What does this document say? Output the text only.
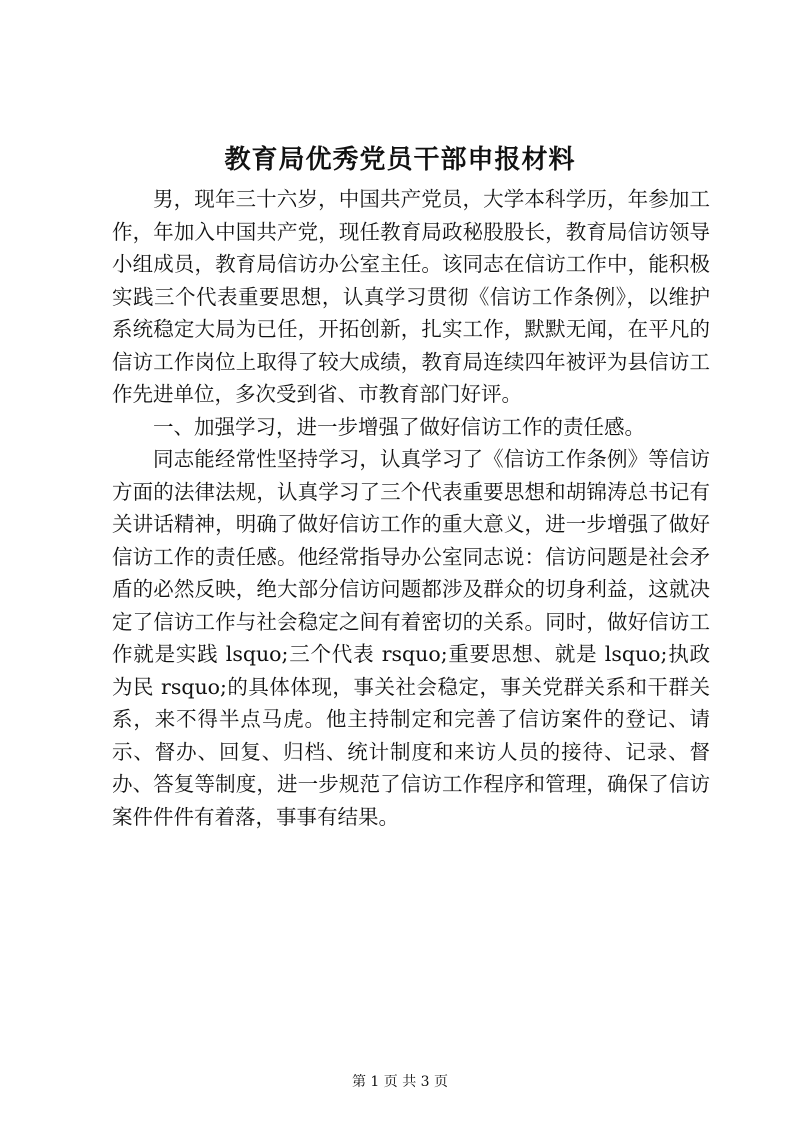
教育局优秀党员干部申报材料

男，现年三十六岁，中国共产党员，大学本科学历，年参加工作，年加入中国共产党，现任教育局政秘股股长，教育局信访领导小组成员，教育局信访办公室主任。该同志在信访工作中，能积极实践三个代表重要思想，认真学习贯彻《信访工作条例》，以维护系统稳定大局为已任，开拓创新，扎实工作，默默无闻，在平凡的信访工作岗位上取得了较大成绩，教育局连续四年被评为县信访工作先进单位，多次受到省、市教育部门好评。

一、加强学习，进一步增强了做好信访工作的责任感。

同志能经常性坚持学习，认真学习了《信访工作条例》等信访方面的法律法规，认真学习了三个代表重要思想和胡锦涛总书记有关讲话精神，明确了做好信访工作的重大意义，进一步增强了做好信访工作的责任感。他经常指导办公室同志说：信访问题是社会矛盾的必然反映，绝大部分信访问题都涉及群众的切身利益，这就决定了信访工作与社会稳定之间有着密切的关系。同时，做好信访工作就是实践 lsquo;三个代表 rsquo;重要思想、就是 lsquo;执政为民 rsquo;的具体体现，事关社会稳定，事关党群关系和干群关系，来不得半点马虎。他主持制定和完善了信访案件的登记、请示、督办、回复、归档、统计制度和来访人员的接待、记录、督办、答复等制度，进一步规范了信访工作程序和管理，确保了信访案件件件有着落，事事有结果。

第 1 页 共 3 页
